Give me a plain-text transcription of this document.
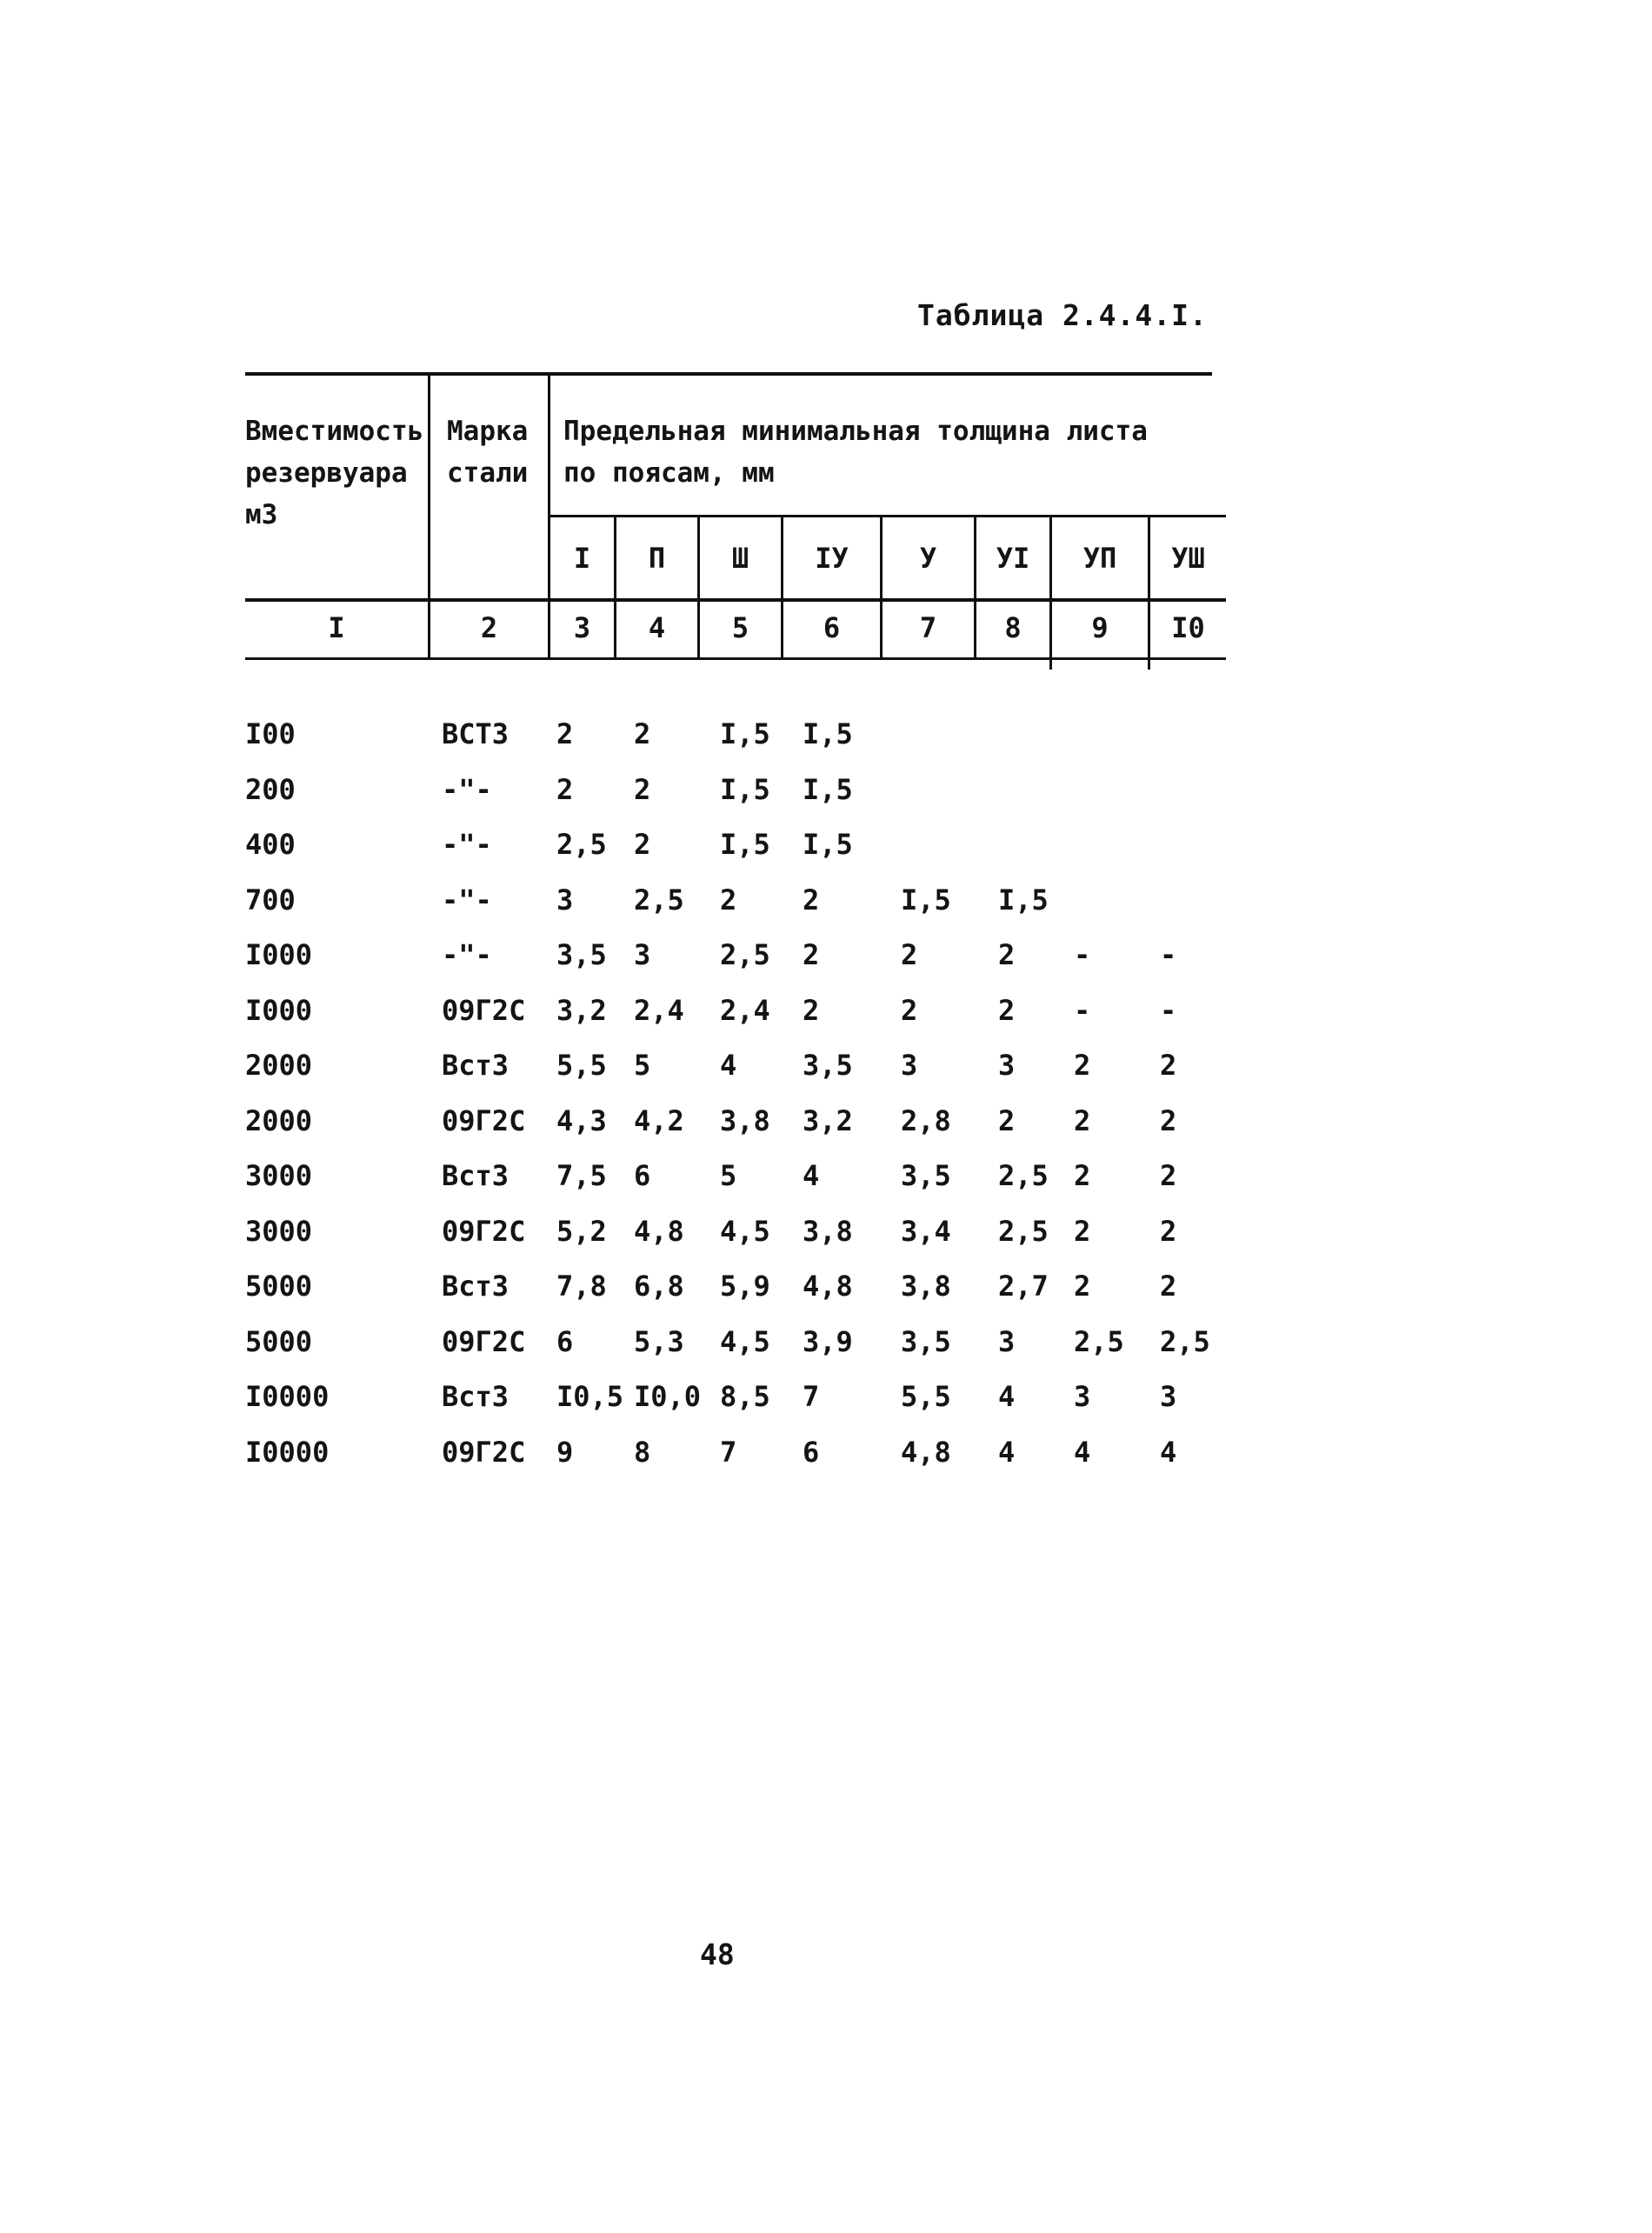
Таблица 2.4.4.I.
Вместимость
резервуара
м3
Марка
стали
Предельная минимальная толщина листа
по поясам, мм
I	П	Ш	IУ	У	УI	УП	УШ
I	2	3	4	5	6	7	8	9	I0
I00	ВСТ3 2 2 I,5 I,5
200	-"- 2 2 I,5 I,5
400	-"- 2,5 2 I,5 I,5
700	-"- 3 2,5 2 2	I,5 I,5
I000	-"- 3,5 3 2,5 2	2	2 - -
I000	09Г2С 3,2 2,4 2,4 2	2	2 - -
2000	Вст3 5,5 5 4 3,5 3	3 2 2
2000	09Г2С 4,3 4,2 3,8 3,2 2,8 2 2 2
3000	Вст3 7,5 6 5 4	3,5 2,5 2 2
3000	09Г2С 5,2 4,8 4,5 3,8 3,4 2,5 2 2
5000	Вст3 7,8 6,8 5,9 4,8 3,8 2,7 2 2
5000	09Г2С 6 5,3 4,5 3,9 3,5 3 2,5 2,5
I0000	Вст3 I0,5 I0,0 8,5 7	5,5 4 3 3
I0000	09Г2С 9 8 7 6	4,8 4 4 4
48
